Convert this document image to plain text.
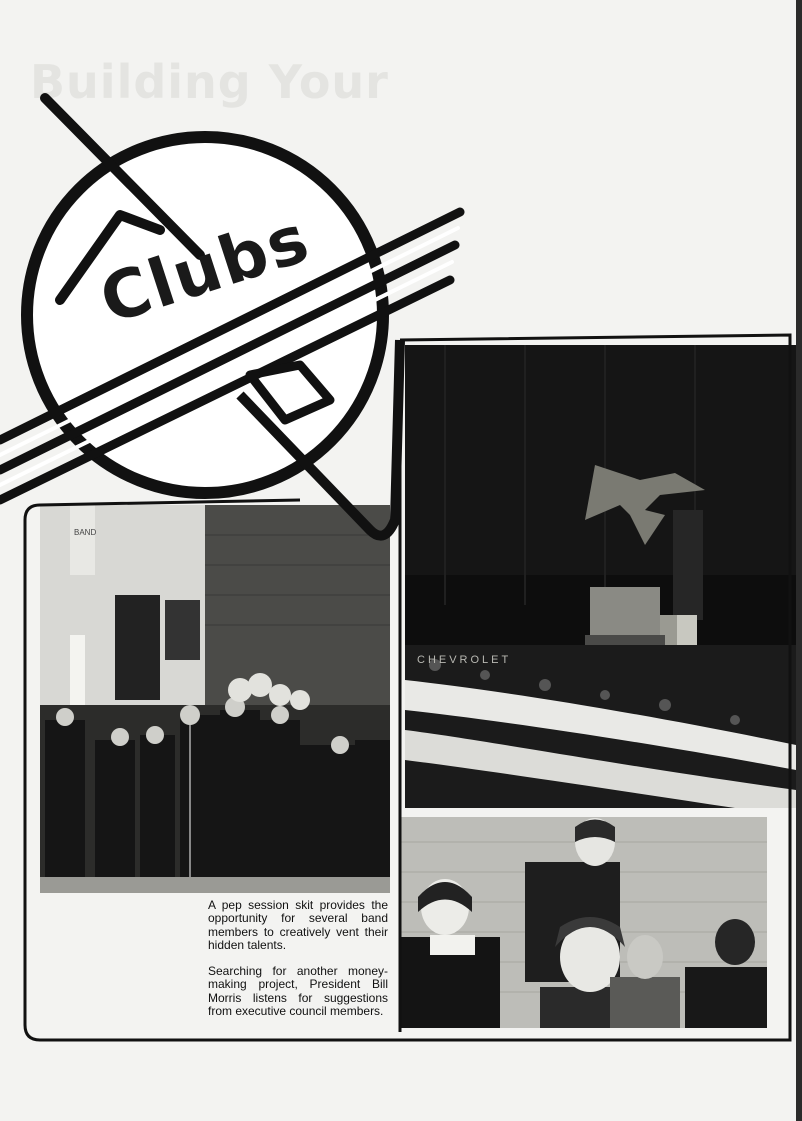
Building Your
CHEVROLET
BAND
Clubs
A pep session skit provides the opportunity for several band members to creatively vent their hidden talents.
Searching for another money-making project, President Bill Morris listens for suggestions from executive council members.
